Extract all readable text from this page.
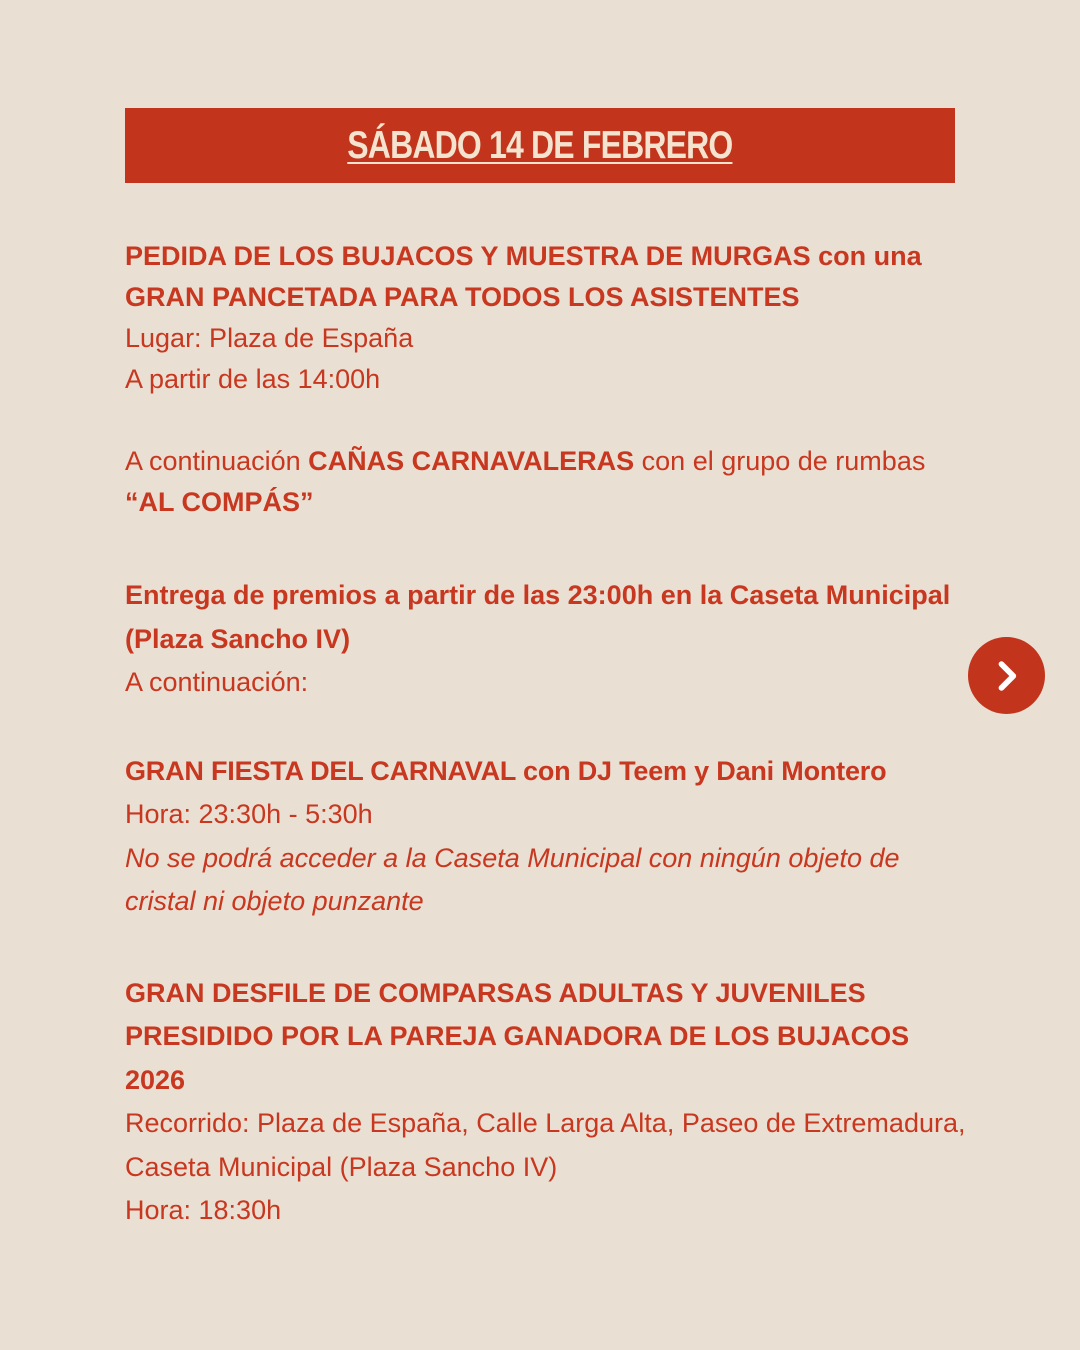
SÁBADO 14 DE FEBRERO

PEDIDA DE LOS BUJACOS Y MUESTRA DE MURGAS con una GRAN PANCETADA PARA TODOS LOS ASISTENTES

Lugar: Plaza de España

A partir de las 14:00h

A continuación CAÑAS CARNAVALERAS con el grupo de rumbas “AL COMPÁS”

Entrega de premios a partir de las 23:00h en la Caseta Municipal (Plaza Sancho IV)

A continuación:

GRAN FIESTA DEL CARNAVAL con DJ Teem y Dani Montero

Hora: 23:30h - 5:30h

No se podrá acceder a la Caseta Municipal con ningún objeto de cristal ni objeto punzante

GRAN DESFILE DE COMPARSAS ADULTAS Y JUVENILES PRESIDIDO POR LA PAREJA GANADORA DE LOS BUJACOS 2026

Recorrido: Plaza de España, Calle Larga Alta, Paseo de Extremadura, Caseta Municipal (Plaza Sancho IV)

Hora: 18:30h
